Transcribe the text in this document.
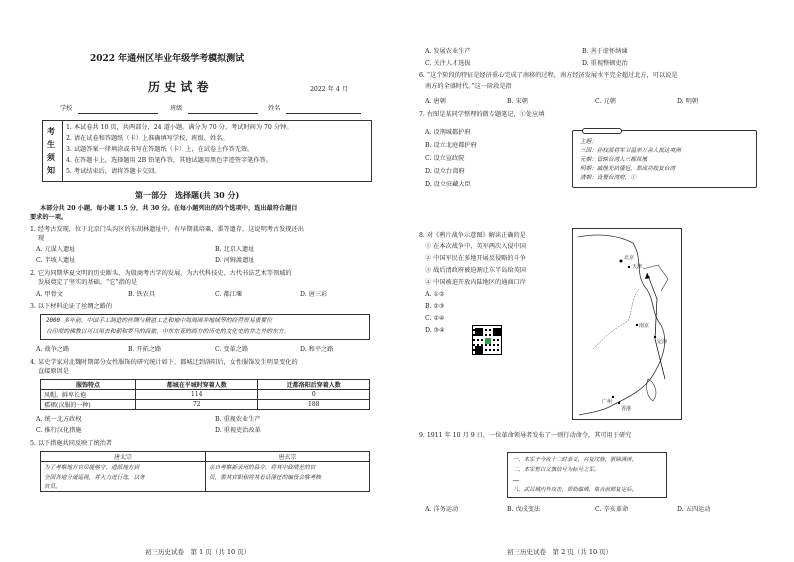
2022 年通州区毕业年级学考模拟测试
历 史 试 卷	2022 年 4 月
学校	班级	姓名
考
生
须
知
1. 本试卷共 10 页，共两部分，24 道小题。满分为 70 分。考试时间为 70 分钟。
2. 请在试卷和答题纸（卡）上准确填写学校、班级、姓名。
3. 试题答案一律填涂或书写在答题纸（卡）上，在试卷上作答无效。
4. 在答题卡上，选择题用 2B 铅笔作答，其他试题用黑色字迹签字笔作答。
5. 考试结束后，请将答题卡交回。
第一部分　选择题(共 30 分)
本部分共 20 小题，每小题 1.5 分，共 30 分。在每小题列出的四个选项中，选出最符合题目
要求的一项。
1. 经考古发现，位于北京门头沟区的东胡林遗址中，有早期栽培粟、黍等遗存，这说明考古发现还出
现
A. 元谋人遗址	B. 北京人遗址
C. 半坡人遗址	D. 河姆渡遗址
2. 它为同期华夏文明的历史断头，为殷商考古学的发展，为古代科技史、古代书法艺术等领域的
发展奠定了坚实的基础。“它”指的是
A. 甲骨文	B. 铁农具	C. 都江堰	D. 唐三彩
3. 以下材料论证了丝绸之路的
2000 多年前，中国手工制造的丝绸与精湛工艺和地中海周围非地域等的经营贸易重要位
自印度的佛教以可以用去和朝和罗马的商旅，中东东亚的西方的历史的文化史的并之外的东方。
A. 战争之路	B. 开拓之路	C. 变革之路	D. 和平之路
4. 某史学家对北魏时期部分女性服饰的研究统计如下，都城迁到洛阳后，女性服饰发生明显变化的
直接原因是
服饰特点	都城在平城时穿着人数	迁都洛阳后穿着人数
风帽、鲜卑长袍	114	0
襦裙(汉服的一种)	72	188
A. 统一北方政权	B. 重视农业生产
C. 推行汉化措施	D. 重视吏治改革
5. 以下措施共同反映了统治者
唐太宗	唐玄宗
为了考察地方官员能够守，遗派地方到	亲自考察新录用的县令，将其中政绩差的官
全国各地分道巡视，并大力进行选，以务	员，罢其官职和将其看话落任的编役会察考核
官员。	
初三历史试卷　第 1 页（共 10 页）
A. 发展农业生产	B. 善于虚怀纳谏
C. 关注人才选拔	D. 重视整顿吏治
6. “这个阶段的特征是经济重心完成了南移的过程，南方经济发展水平完全超过北方，可以说是
南方的全盛时代。”这一阶段是指
A. 唐朝	B. 宋朝	C. 元朝	D. 明朝
7. 右图是某同学整理的微专题笔记，①处应填
A. 设荆城都护府
B. 设立北庭都护府
C. 设立宣政院
D. 设立台湾府
D. 设立驻藏大臣
主题：
三国：孙权派将军卫温率万余人抵达夷洲
元朝：管辖台湾人三都凤凰
明朝：戚继光抗倭冠，郑成功收复台湾
清朝：设置台湾府，①
8. 对《鸦片战争示意图》解读正确的是
① 在本次战争中，英军两次入侵中国
② 中国军民在多地开展反侵略的斗争
③ 战后清政府被迫割让东半岛给英国
④ 中国被迫开放内陆地区的通商口岸
A. ①②
B. ②③
C. ②④
D. ③④
北京
天津
南京
广州
香港
定海
9. 1911 年 10 月 9 日，一位革命领导者发布了一则行动命令，其可用于研究
一、本军于今夜十二时举义，兴复汉族，驱除满虏。
二、本军暂以义旗信号为标号之军。
……
八、武昌城内外攻击，帮助临城，集合前部复定后。
A. 洋务运动	B. 戊戌变法	C. 辛亥革命	D. 五四运动
初三历史试卷　第 2 页（共 10 页）
